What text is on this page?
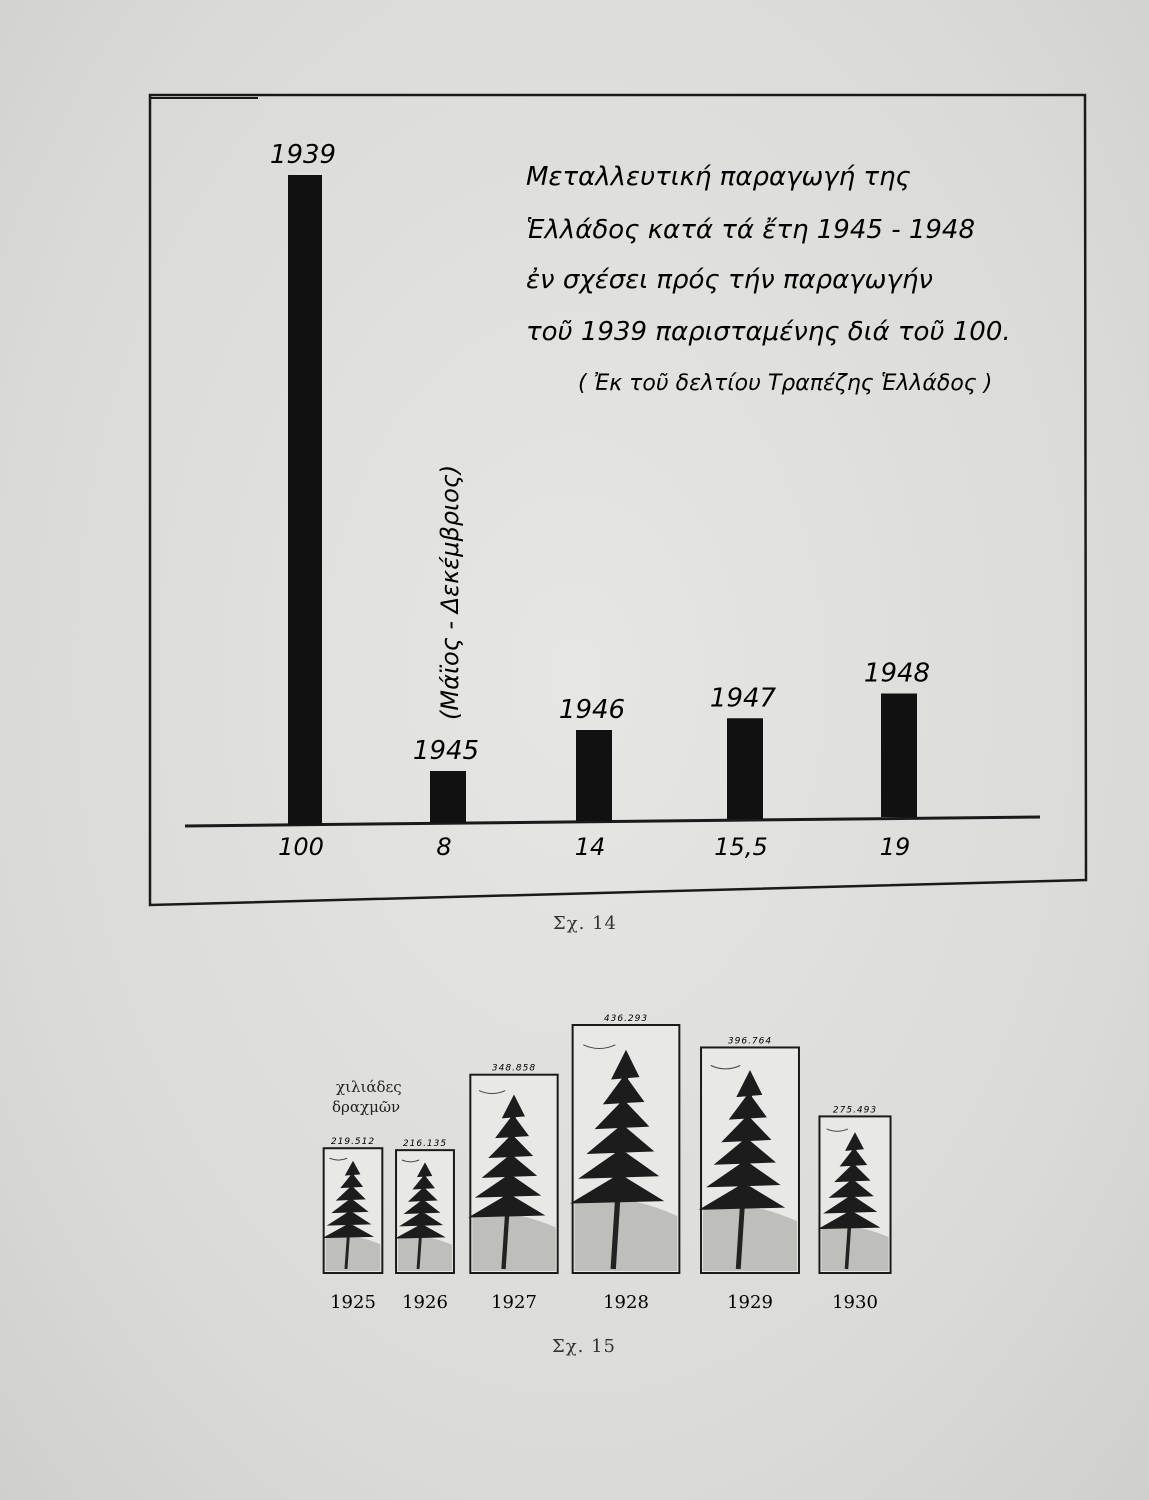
1939
1945
1946	1947
1948
100	8	14	15,5	19
Μεταλλευτική παραγωγή της
Ἑλλάδος κατά τά ἔτη 1945 - 1948
ἐν σχέσει πρός τήν παραγωγήν
τοῦ 1939 παρισταμένης διά τοῦ 100.
( Ἐκ τοῦ δελτίου Τραπέζης Ἑλλάδος )
(Μάϊος - Δεκέμβριος)
Σχ. 14
χιλιάδες
δραχμῶν
219.512
1925
216.135
1926
348.858
1927
436.293
1928
396.764
1929
275.493
1930
Σχ. 15
